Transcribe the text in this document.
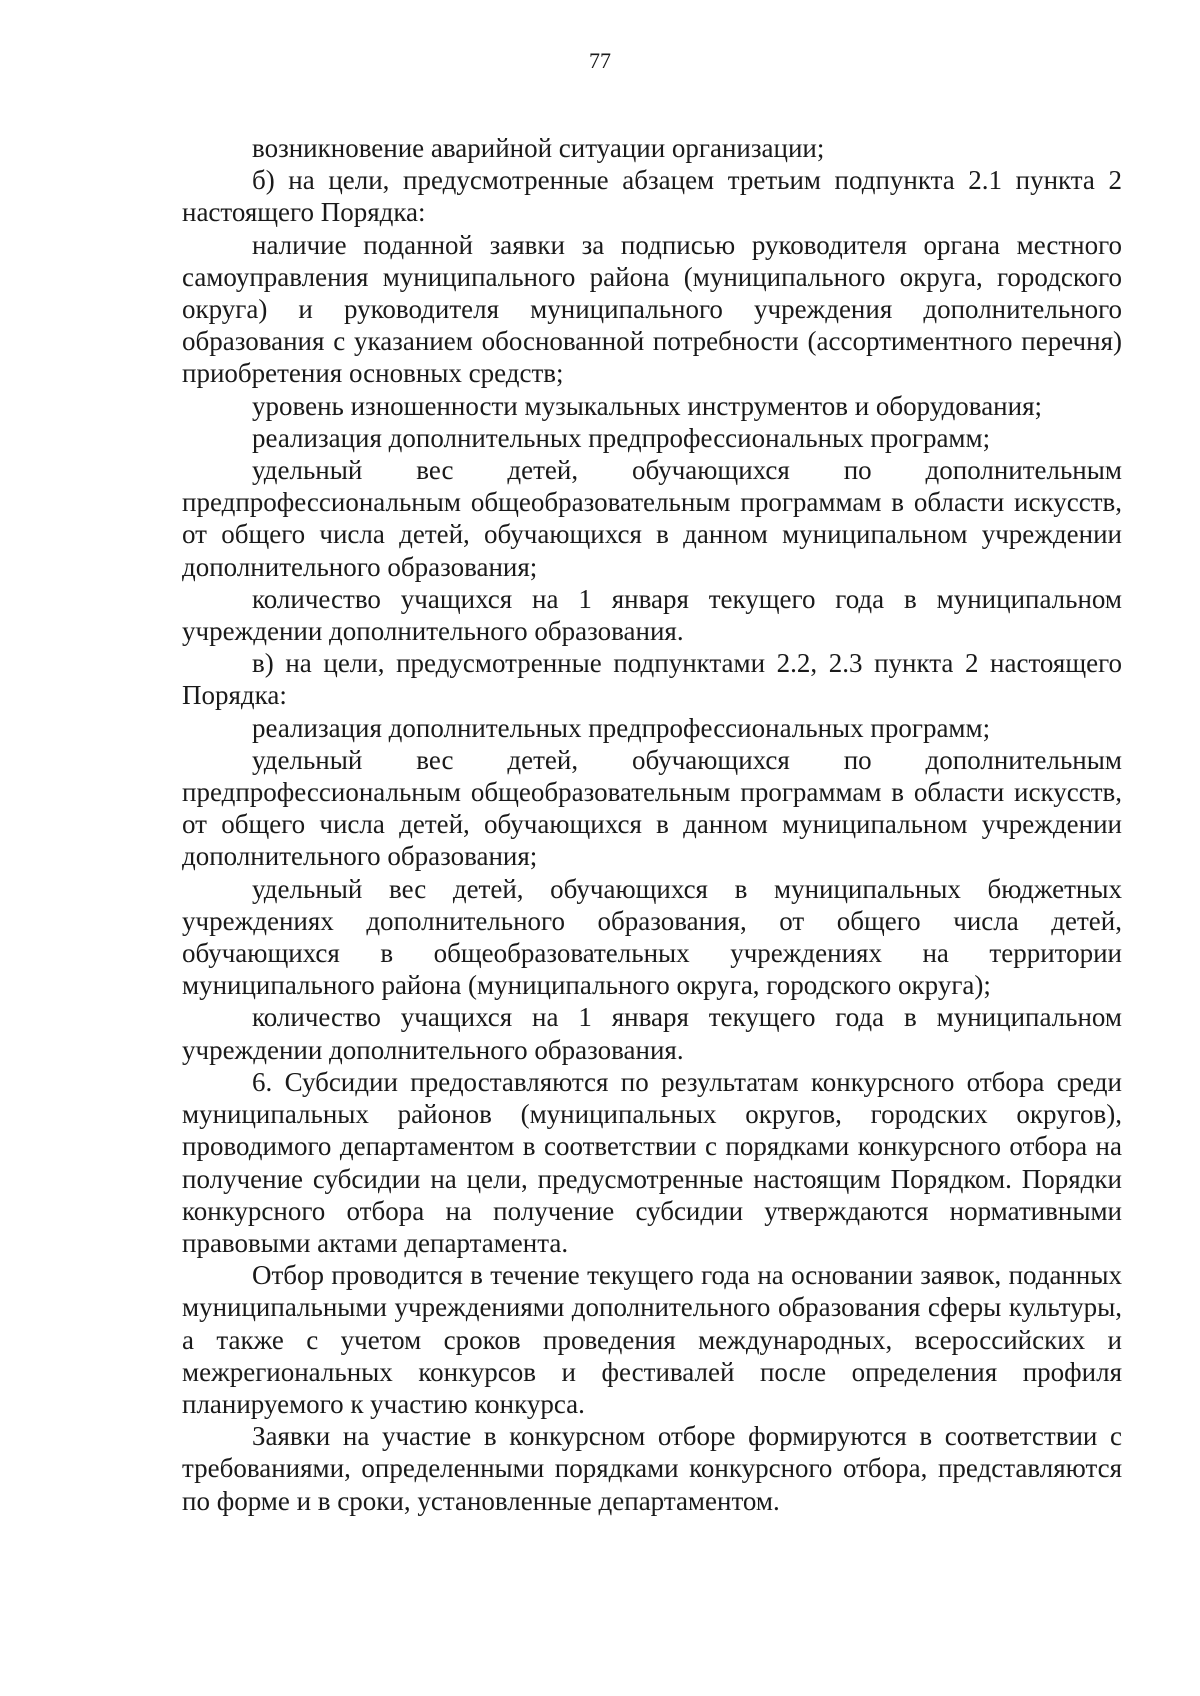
77

возникновение аварийной ситуации организации;

б) на цели, предусмотренные абзацем третьим подпункта 2.1 пункта 2 настоящего Порядка:

наличие поданной заявки за подписью руководителя органа местного самоуправления муниципального района (муниципального округа, городского округа) и руководителя муниципального учреждения дополнительного образования с указанием обоснованной потребности (ассортиментного перечня) приобретения основных средств;

уровень изношенности музыкальных инструментов и оборудования;

реализация дополнительных предпрофессиональных программ;

удельный вес детей, обучающихся по дополнительным предпрофессиональным общеобразовательным программам в области искусств, от общего числа детей, обучающихся в данном муниципальном учреждении дополнительного образования;

количество учащихся на 1 января текущего года в муниципальном учреждении дополнительного образования.

в) на цели, предусмотренные подпунктами 2.2, 2.3 пункта 2 настоящего Порядка:

реализация дополнительных предпрофессиональных программ;

удельный вес детей, обучающихся по дополнительным предпрофессиональным общеобразовательным программам в области искусств, от общего числа детей, обучающихся в данном муниципальном учреждении дополнительного образования;

удельный вес детей, обучающихся в муниципальных бюджетных учреждениях дополнительного образования, от общего числа детей, обучающихся в общеобразовательных учреждениях на территории муниципального района (муниципального округа, городского округа);

количество учащихся на 1 января текущего года в муниципальном учреждении дополнительного образования.

6. Субсидии предоставляются по результатам конкурсного отбора среди муниципальных районов (муниципальных округов, городских округов), проводимого департаментом в соответствии с порядками конкурсного отбора на получение субсидии на цели, предусмотренные настоящим Порядком. Порядки конкурсного отбора на получение субсидии утверждаются нормативными правовыми актами департамента.

Отбор проводится в течение текущего года на основании заявок, поданных муниципальными учреждениями дополнительного образования сферы культуры, а также с учетом сроков проведения международных, всероссийских и межрегиональных конкурсов и фестивалей после определения профиля планируемого к участию конкурса.

Заявки на участие в конкурсном отборе формируются в соответствии с требованиями, определенными порядками конкурсного отбора, представляются по форме и в сроки, установленные департаментом.
